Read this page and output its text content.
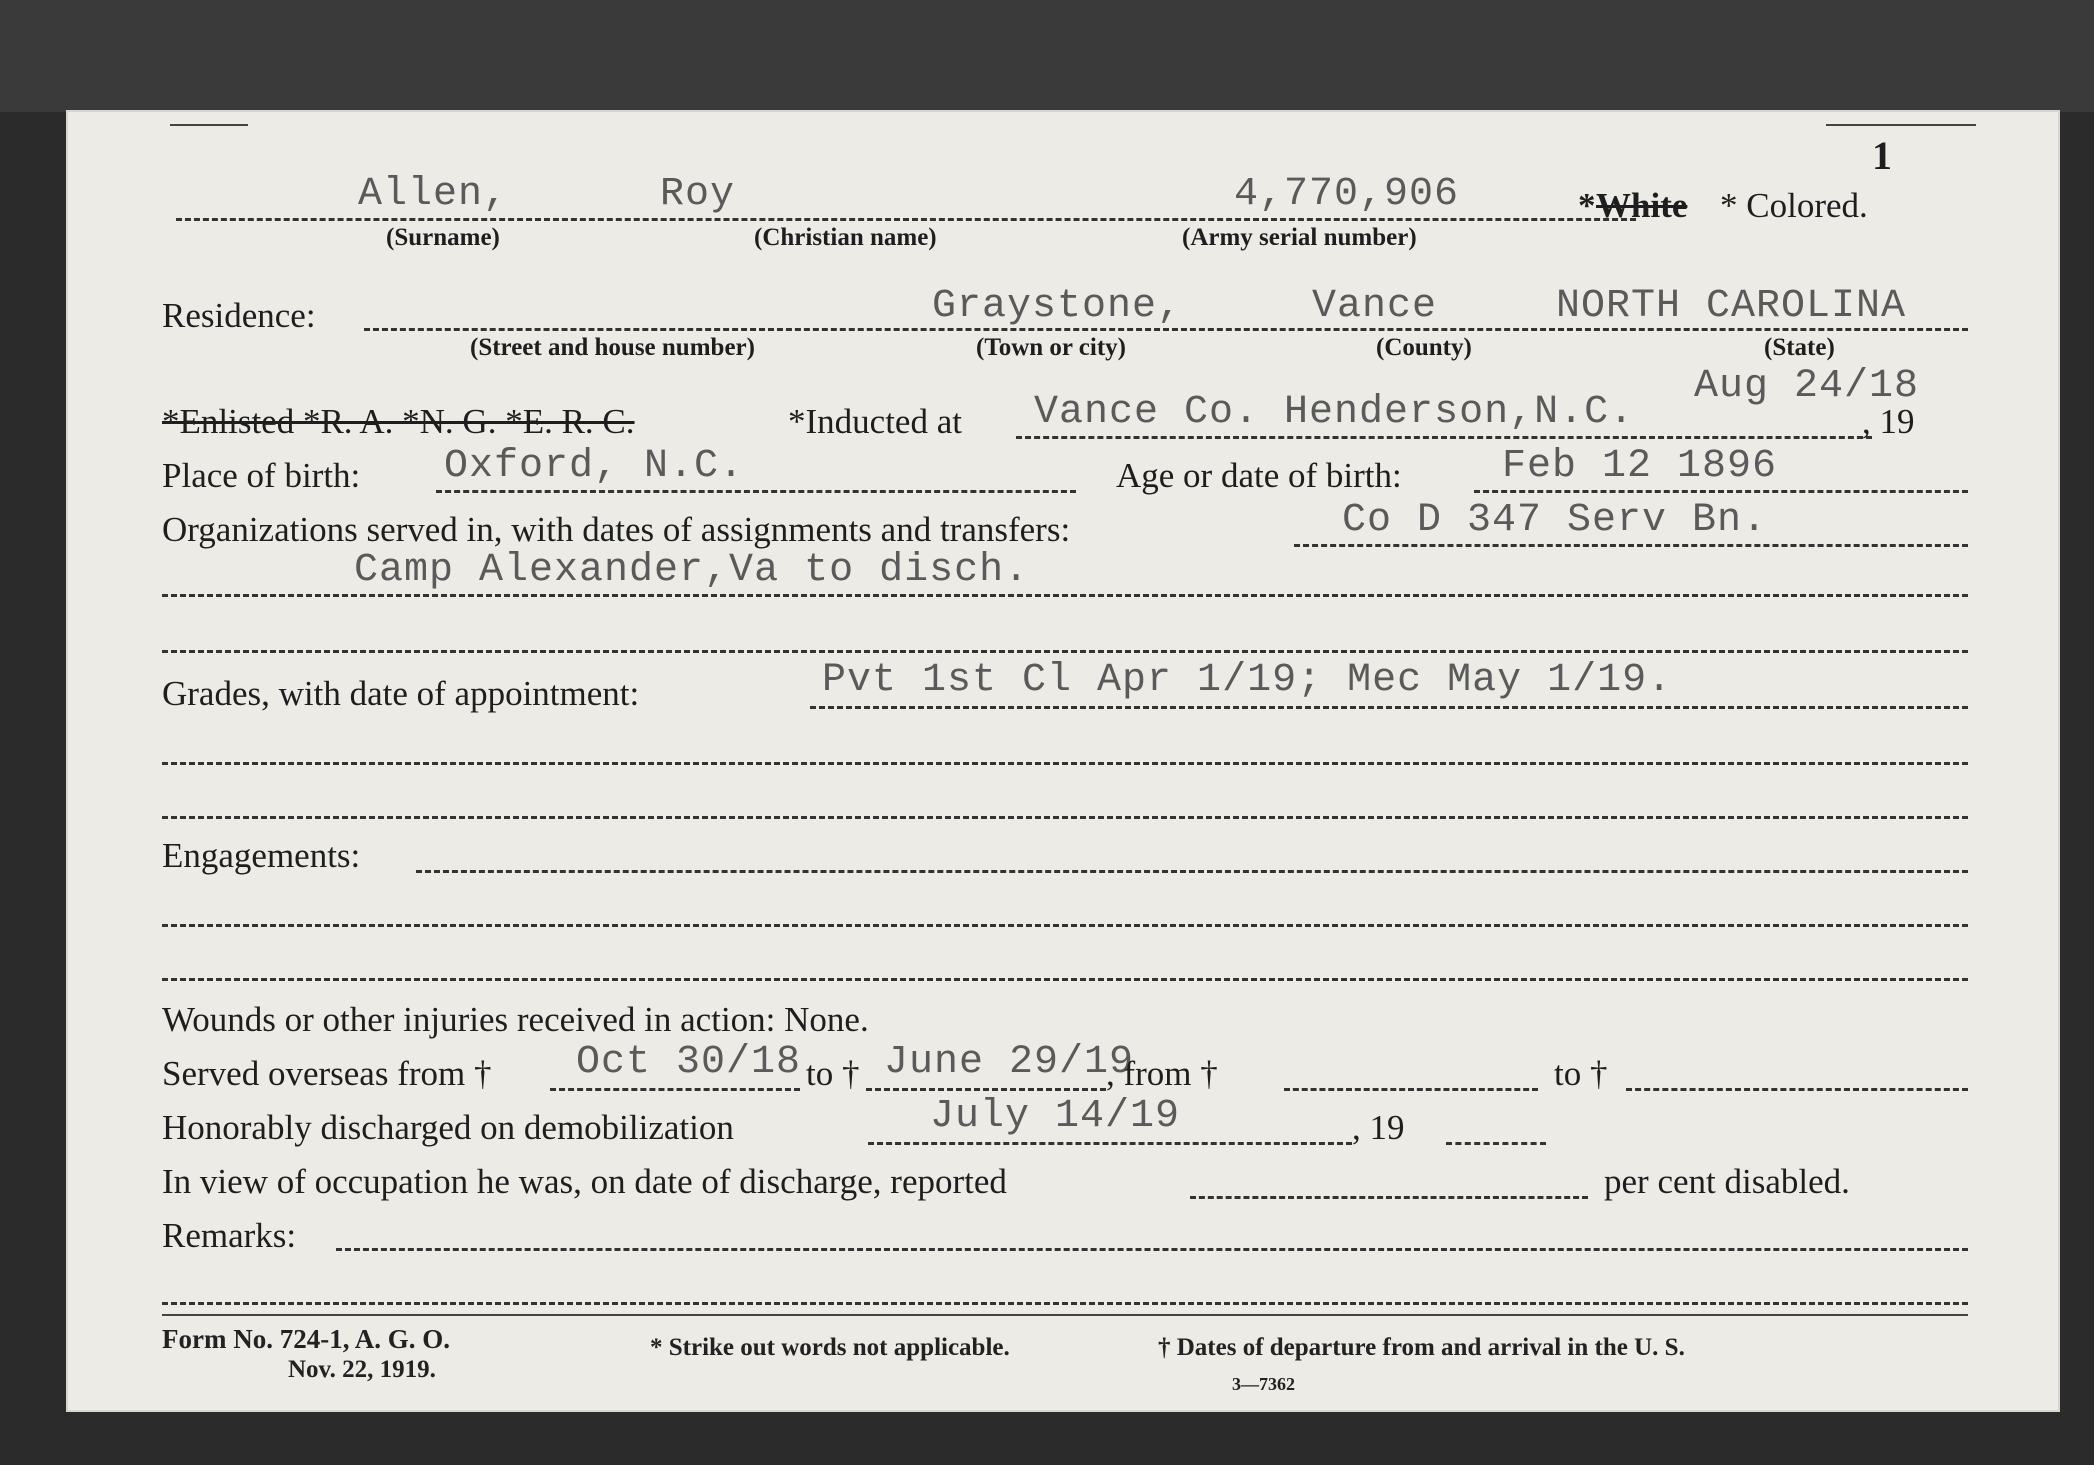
1
Allen,	Roy	4,770,906	* White * Colored.
(Surname)	(Christian name)	(Army serial number)
Residence:	Graystone,	Vance	NORTH CAROLINA
(Street and house number)	(Town or city)	(County)	(State)
*Enlisted *R. A. *N. G. *E. R. C.	*Inducted at Vance Co. Henderson,N.C.
Aug 24/18
, 19
Place of birth: Oxford, N.C.	Age or date of birth:	Feb 12 1896
Organizations served in, with dates of assignments and transfers:	Co D 347 Serv Bn.
Camp Alexander,Va to disch.
Grades, with date of appointment:	Pvt 1st Cl Apr 1/19; Mec May 1/19.
Engagements:
Wounds or other injuries received in action: None.
Served overseas from † Oct 30/18 to † June 29/19
, from †	to †
Honorably discharged on demobilization	July 14/19	, 19
In view of occupation he was, on date of discharge, reported	per cent disabled.
Remarks:
Form No. 724-1, A. G. O.
Nov. 22, 1919.
* Strike out words not applicable.	† Dates of departure from and arrival in the U. S.
3—7362
